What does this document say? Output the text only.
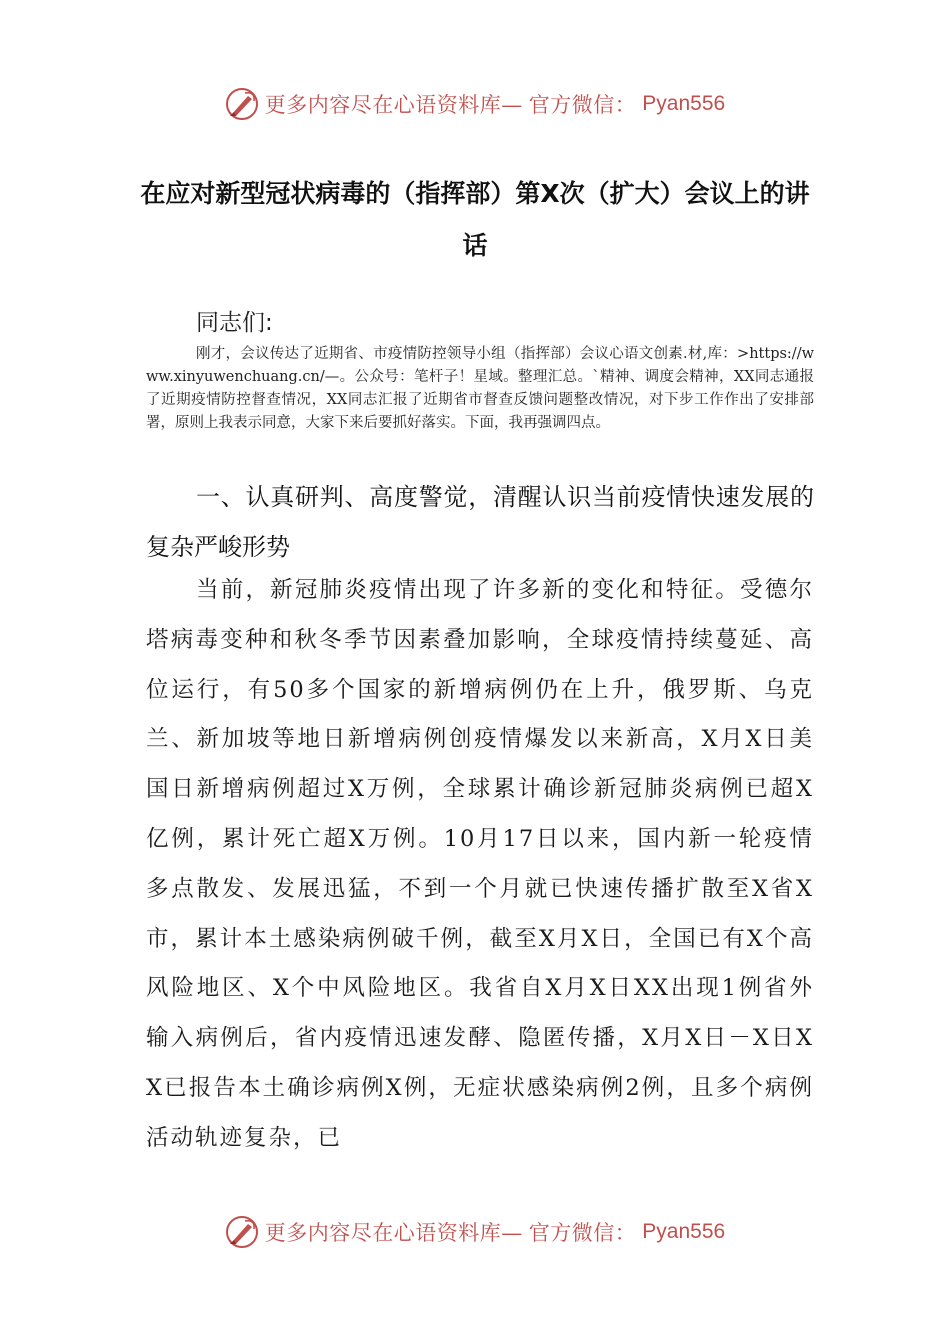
更多内容尽在心语资料库— 官方微信： Pyan556
在应对新型冠状病毒的（指挥部）第X次（扩大）会议上的讲话
同志们:

刚才，会议传达了近期省、市疫情防控领导小组（指挥部）会议心语文创素.材,库：>https://www.xinyuwenchuang.cn/—。公众号：笔杆子！星域。整理汇总。`精神、调度会精神，XX同志通报了近期疫情防控督查情况，XX同志汇报了近期省市督查反馈问题整改情况，对下步工作作出了安排部署，原则上我表示同意，大家下来后要抓好落实。下面，我再强调四点。

一、认真研判、高度警觉，清醒认识当前疫情快速发展的复杂严峻形势

当前，新冠肺炎疫情出现了许多新的变化和特征。受德尔塔病毒变种和秋冬季节因素叠加影响，全球疫情持续蔓延、高位运行，有50多个国家的新增病例仍在上升，俄罗斯、乌克兰、新加坡等地日新增病例创疫情爆发以来新高，X月X日美国日新增病例超过X万例，全球累计确诊新冠肺炎病例已超X亿例，累计死亡超X万例。10月17日以来，国内新一轮疫情多点散发、发展迅猛，不到一个月就已快速传播扩散至X省X市，累计本土感染病例破千例，截至X月X日，全国已有X个高风险地区、X个中风险地区。我省自X月X日XX出现1例省外输入病例后，省内疫情迅速发酵、隐匿传播，X月X日－X日XX已报告本土确诊病例X例，无症状感染病例2例，且多个病例活动轨迹复杂，已

更多内容尽在心语资料库— 官方微信： Pyan556
